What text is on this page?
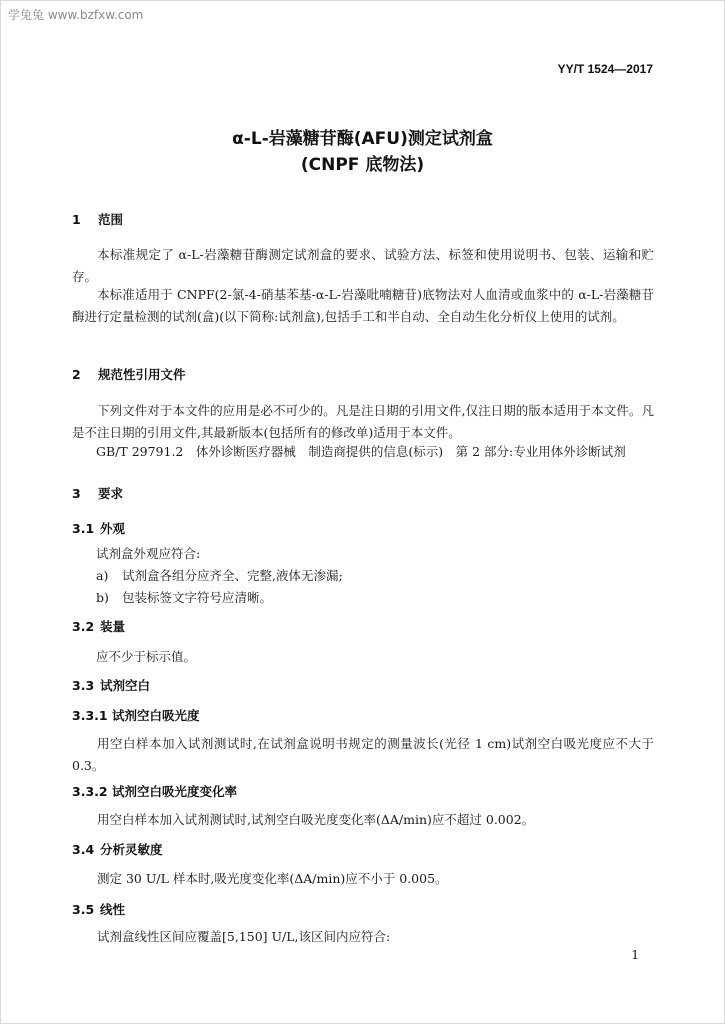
学兔兔 www.bzfxw.com
YY/T 1524—2017
α-L-岩藻糖苷酶(AFU)测定试剂盒
(CNPF 底物法)
1 范围
本标准规定了 α-L-岩藻糖苷酶测定试剂盒的要求、试验方法、标签和使用说明书、包装、运输和贮存。
本标准适用于 CNPF(2-氯-4-硝基苯基-α-L-岩藻吡喃糖苷)底物法对人血清或血浆中的 α-L-岩藻糖苷酶进行定量检测的试剂(盒)(以下简称:试剂盒),包括手工和半自动、全自动生化分析仪上使用的试剂。
2 规范性引用文件
下列文件对于本文件的应用是必不可少的。凡是注日期的引用文件,仅注日期的版本适用于本文件。凡是不注日期的引用文件,其最新版本(包括所有的修改单)适用于本文件。
GB/T 29791.2　体外诊断医疗器械　制造商提供的信息(标示)　第 2 部分:专业用体外诊断试剂
3 要求
3.1 外观
试剂盒外观应符合:
a) 试剂盒各组分应齐全、完整,液体无渗漏;
b) 包装标签文字符号应清晰。
3.2 装量
应不少于标示值。
3.3 试剂空白
3.3.1 试剂空白吸光度
用空白样本加入试剂测试时,在试剂盒说明书规定的测量波长(光径 1 cm)试剂空白吸光度应不大于 0.3。
3.3.2 试剂空白吸光度变化率
用空白样本加入试剂测试时,试剂空白吸光度变化率(ΔA/min)应不超过 0.002。
3.4 分析灵敏度
测定 30 U/L 样本时,吸光度变化率(ΔA/min)应不小于 0.005。
3.5 线性
试剂盒线性区间应覆盖[5,150] U/L,该区间内应符合:
1
